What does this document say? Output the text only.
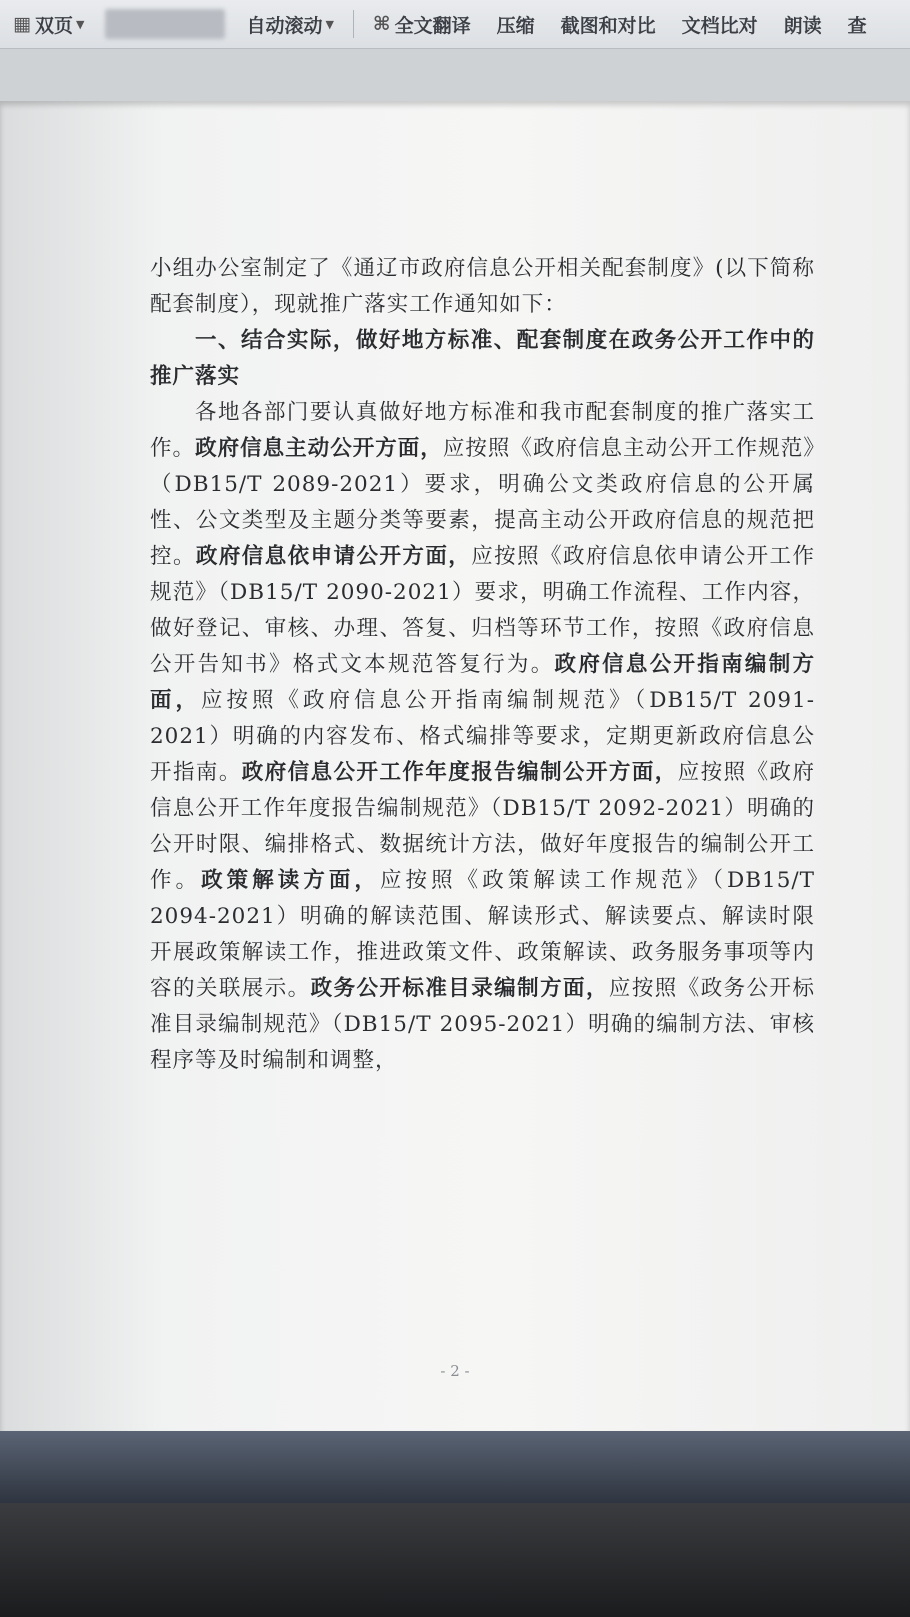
▦ 双页 ▼	自动滚动 ▼ ⌘ 全文翻译 压缩 截图和对比 文档比对 朗读 查

小组办公室制定了《通辽市政府信息公开相关配套制度》(以下简称配套制度），现就推广落实工作通知如下：

一、结合实际，做好地方标准、配套制度在政务公开工作中的推广落实

各地各部门要认真做好地方标准和我市配套制度的推广落实工作。政府信息主动公开方面，应按照《政府信息主动公开工作规范》（DB15/T 2089-2021）要求，明确公文类政府信息的公开属性、公文类型及主题分类等要素，提高主动公开政府信息的规范把控。政府信息依申请公开方面，应按照《政府信息依申请公开工作规范》（DB15/T 2090-2021）要求，明确工作流程、工作内容，做好登记、审核、办理、答复、归档等环节工作，按照《政府信息公开告知书》格式文本规范答复行为。政府信息公开指南编制方面，应按照《政府信息公开指南编制规范》（DB15/T 2091-2021）明确的内容发布、格式编排等要求，定期更新政府信息公开指南。政府信息公开工作年度报告编制公开方面，应按照《政府信息公开工作年度报告编制规范》（DB15/T 2092-2021）明确的公开时限、编排格式、数据统计方法，做好年度报告的编制公开工作。政策解读方面，应按照《政策解读工作规范》（DB15/T 2094-2021）明确的解读范围、解读形式、解读要点、解读时限开展政策解读工作，推进政策文件、政策解读、政务服务事项等内容的关联展示。政务公开标准目录编制方面，应按照《政务公开标准目录编制规范》（DB15/T 2095-2021）明确的编制方法、审核程序等及时编制和调整，

- 2 -
